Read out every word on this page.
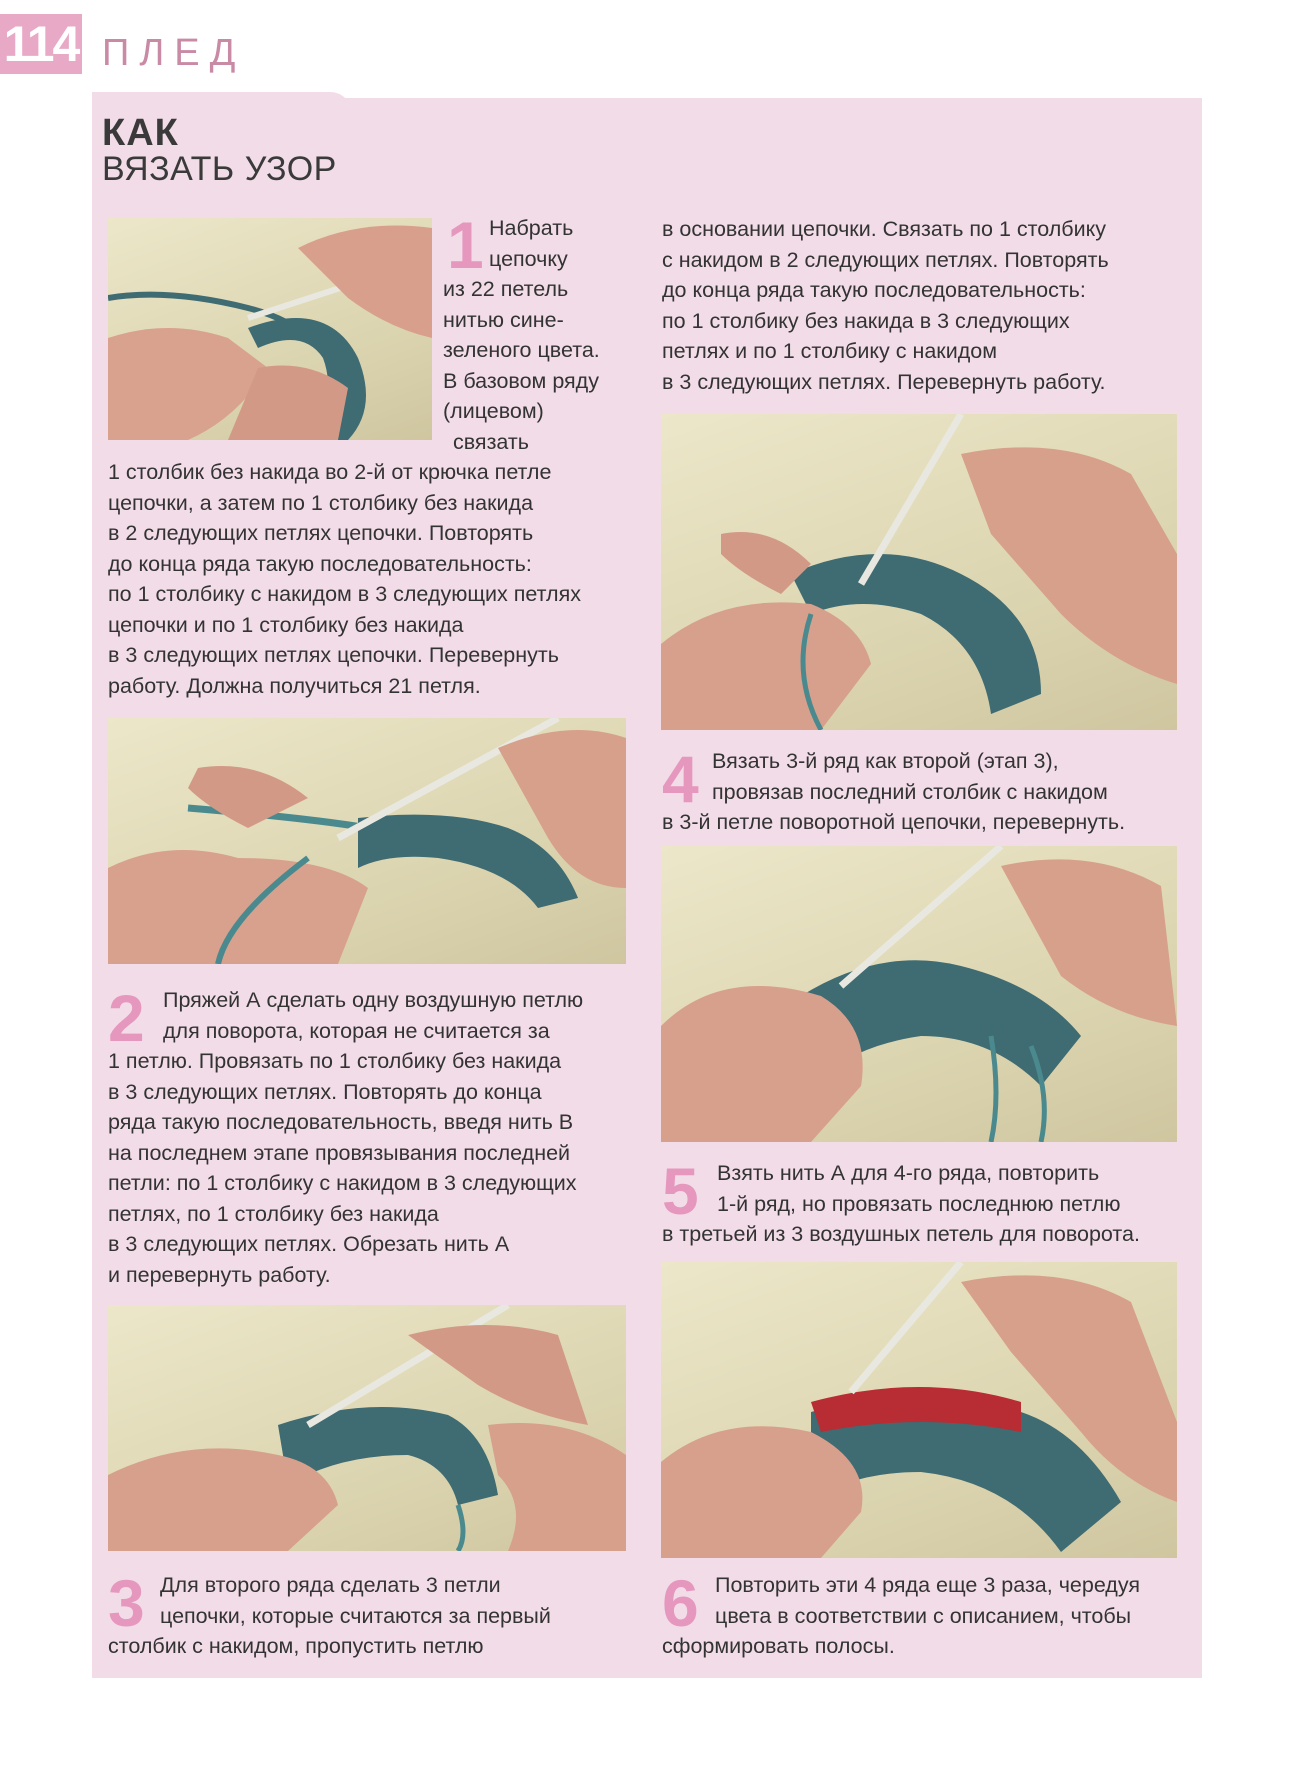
114 ПЛЕД
КАК
ВЯЗАТЬ УЗОР
1 Набрать

цепочку

из 22 петель

нитью сине-

зеленого цвета.

В базовом ряду

(лицевом)

связать

1 столбик без накида во 2-й от крючка петле

цепочки, а затем по 1 столбику без накида

в 2 следующих петлях цепочки. Повторять

до конца ряда такую последовательность:

по 1 столбику с накидом в 3 следующих петлях

цепочки и по 1 столбику без накида

в 3 следующих петлях цепочки. Перевернуть

работу. Должна получиться 21 петля.

2 Пряжей А сделать одну воздушную петлю

для поворота, которая не считается за

1 петлю. Провязать по 1 столбику без накида

в 3 следующих петлях. Повторять до конца

ряда такую последовательность, введя нить В

на последнем этапе провязывания последней

петли: по 1 столбику с накидом в 3 следующих

петлях, по 1 столбику без накида

в 3 следующих петлях. Обрезать нить А

и перевернуть работу.

3 Для второго ряда сделать 3 петли

цепочки, которые считаются за первый

столбик с накидом, пропустить петлю

в основании цепочки. Связать по 1 столбику

с накидом в 2 следующих петлях. Повторять

до конца ряда такую последовательность:

по 1 столбику без накида в 3 следующих

петлях и по 1 столбику с накидом

в 3 следующих петлях. Перевернуть работу.

4 Вязать 3-й ряд как второй (этап 3),

провязав последний столбик с накидом

в 3-й петле поворотной цепочки, перевернуть.

5 Взять нить А для 4-го ряда, повторить

1-й ряд, но провязать последнюю петлю

в третьей из 3 воздушных петель для поворота.

6 Повторить эти 4 ряда еще 3 раза, чередуя

цвета в соответствии с описанием, чтобы

сформировать полосы.
